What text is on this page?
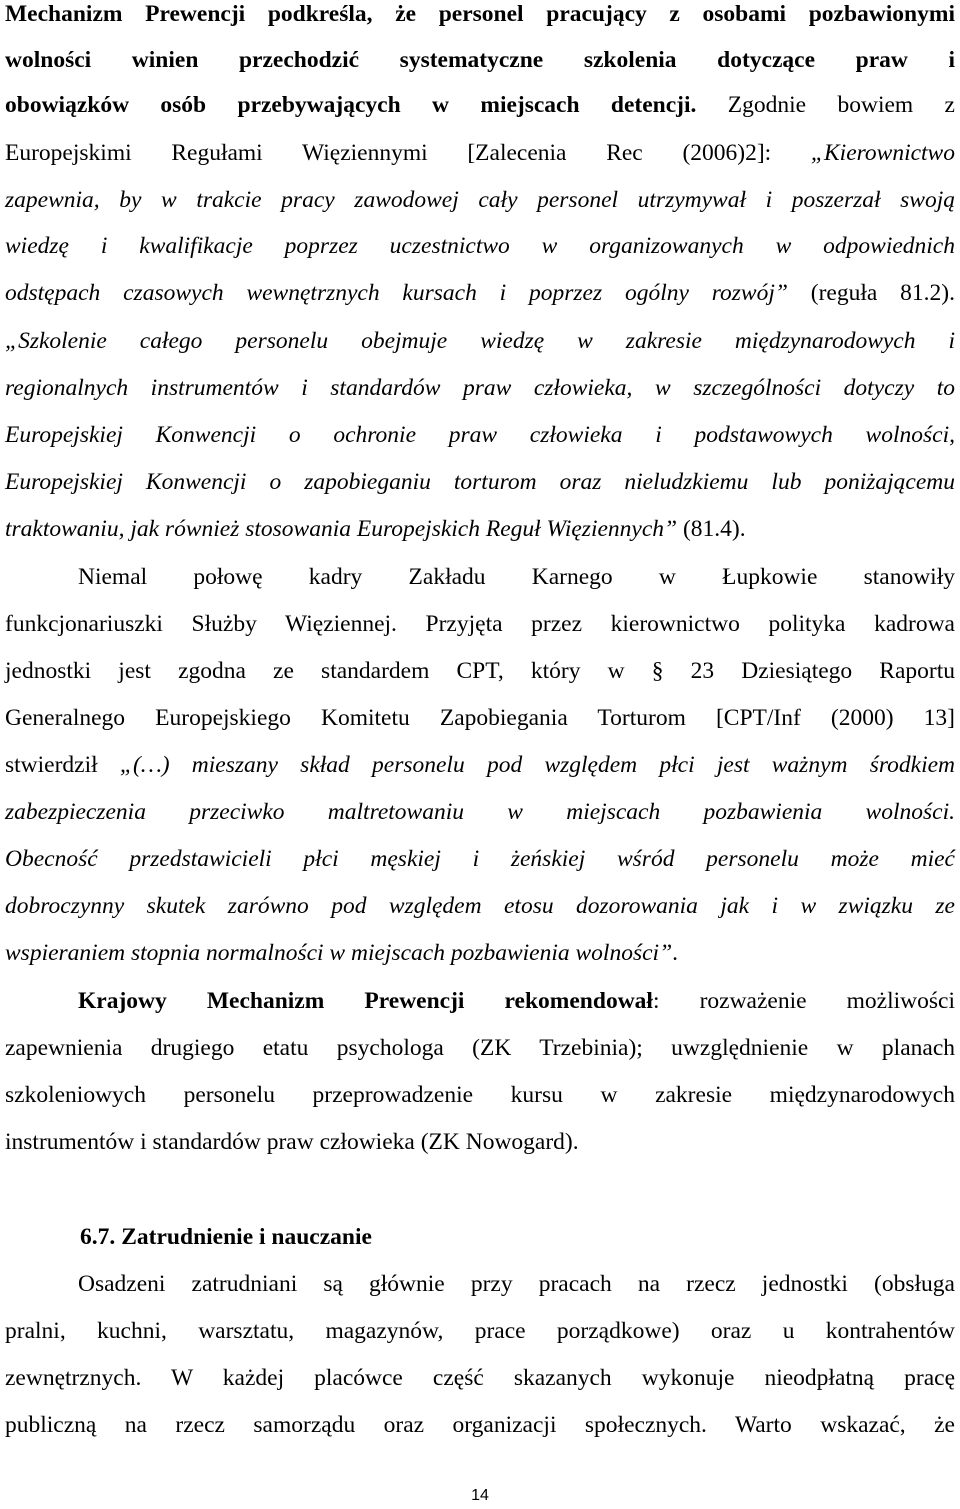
Mechanizm Prewencji podkreśla, że personel pracujący z osobami pozbawionymi
wolności winien przechodzić systematyczne szkolenia dotyczące praw i
obowiązków osób przebywających w miejscach detencji. Zgodnie bowiem z
Europejskimi Regułami Więziennymi [Zalecenia Rec (2006)2]: „Kierownictwo
zapewnia, by w trakcie pracy zawodowej cały personel utrzymywał i poszerzał swoją
wiedzę i kwalifikacje poprzez uczestnictwo w organizowanych w odpowiednich
odstępach czasowych wewnętrznych kursach i poprzez ogólny rozwój” (reguła 81.2).
„Szkolenie całego personelu obejmuje wiedzę w zakresie międzynarodowych i
regionalnych instrumentów i standardów praw człowieka, w szczególności dotyczy to
Europejskiej Konwencji o ochronie praw człowieka i podstawowych wolności,
Europejskiej Konwencji o zapobieganiu torturom oraz nieludzkiemu lub poniżającemu
traktowaniu, jak również stosowania Europejskich Reguł Więziennych” (81.4).
Niemal połowę kadry Zakładu Karnego w Łupkowie stanowiły
funkcjonariuszki Służby Więziennej. Przyjęta przez kierownictwo polityka kadrowa
jednostki jest zgodna ze standardem CPT, który w § 23 Dziesiątego Raportu
Generalnego Europejskiego Komitetu Zapobiegania Torturom [CPT/Inf (2000) 13]
stwierdził „(…) mieszany skład personelu pod względem płci jest ważnym środkiem
zabezpieczenia przeciwko maltretowaniu w miejscach pozbawienia wolności.
Obecność przedstawicieli płci męskiej i żeńskiej wśród personelu może mieć
dobroczynny skutek zarówno pod względem etosu dozorowania jak i w związku ze
wspieraniem stopnia normalności w miejscach pozbawienia wolności”.
Krajowy Mechanizm Prewencji rekomendował: rozważenie możliwości
zapewnienia drugiego etatu psychologa (ZK Trzebinia); uwzględnienie w planach
szkoleniowych personelu przeprowadzenie kursu w zakresie międzynarodowych
instrumentów i standardów praw człowieka (ZK Nowogard).
6.7. Zatrudnienie i nauczanie
Osadzeni zatrudniani są głównie przy pracach na rzecz jednostki (obsługa
pralni, kuchni, warsztatu, magazynów, prace porządkowe) oraz u kontrahentów
zewnętrznych. W każdej placówce część skazanych wykonuje nieodpłatną pracę
publiczną na rzecz samorządu oraz organizacji społecznych. Warto wskazać, że
14
